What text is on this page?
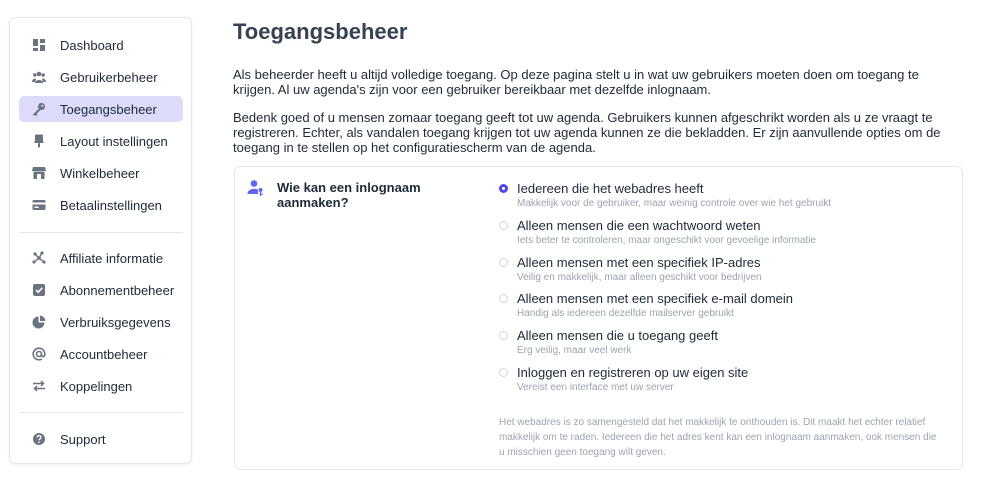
Dashboard
Gebruikerbeheer
Toegangsbeheer
Layout instellingen
Winkelbeheer
Betaalinstellingen
Affiliate informatie
Abonnementbeheer
Verbruiksgegevens
Accountbeheer
Koppelingen
Support
Toegangsbeheer

Als beheerder heeft u altijd volledige toegang. Op deze pagina stelt u in wat uw gebruikers moeten doen om toegang te krijgen. Al uw agenda's zijn voor een gebruiker bereikbaar met dezelfde inlognaam.

Bedenk goed of u mensen zomaar toegang geeft tot uw agenda. Gebruikers kunnen afgeschrikt worden als u ze vraagt te registreren. Echter, als vandalen toegang krijgen tot uw agenda kunnen ze die bekladden. Er zijn aanvullende opties om de toegang in te stellen op het configuratiescherm van de agenda.

Wie kan een inlognaam aanmaken?
Iedereen die het webadres heeft
Makkelijk voor de gebruiker, maar weinig controle over wie het gebruikt
Alleen mensen die een wachtwoord weten
Iets beter te controleren, maar ongeschikt voor gevoelige informatie
Alleen mensen met een specifiek IP-adres
Veilig en makkelijk, maar alleen geschikt voor bedrijven
Alleen mensen met een specifiek e-mail domein
Handig als iedereen dezelfde mailserver gebruikt
Alleen mensen die u toegang geeft
Erg veilig, maar veel werk
Inloggen en registreren op uw eigen site
Vereist een interface met uw server
Het webadres is zo samengesteld dat het makkelijk te onthouden is. Dit maakt het echter relatief makkelijk om te raden. Iedereen die het adres kent kan een inlognaam aanmaken, ook mensen die u misschien geen toegang wilt geven.
